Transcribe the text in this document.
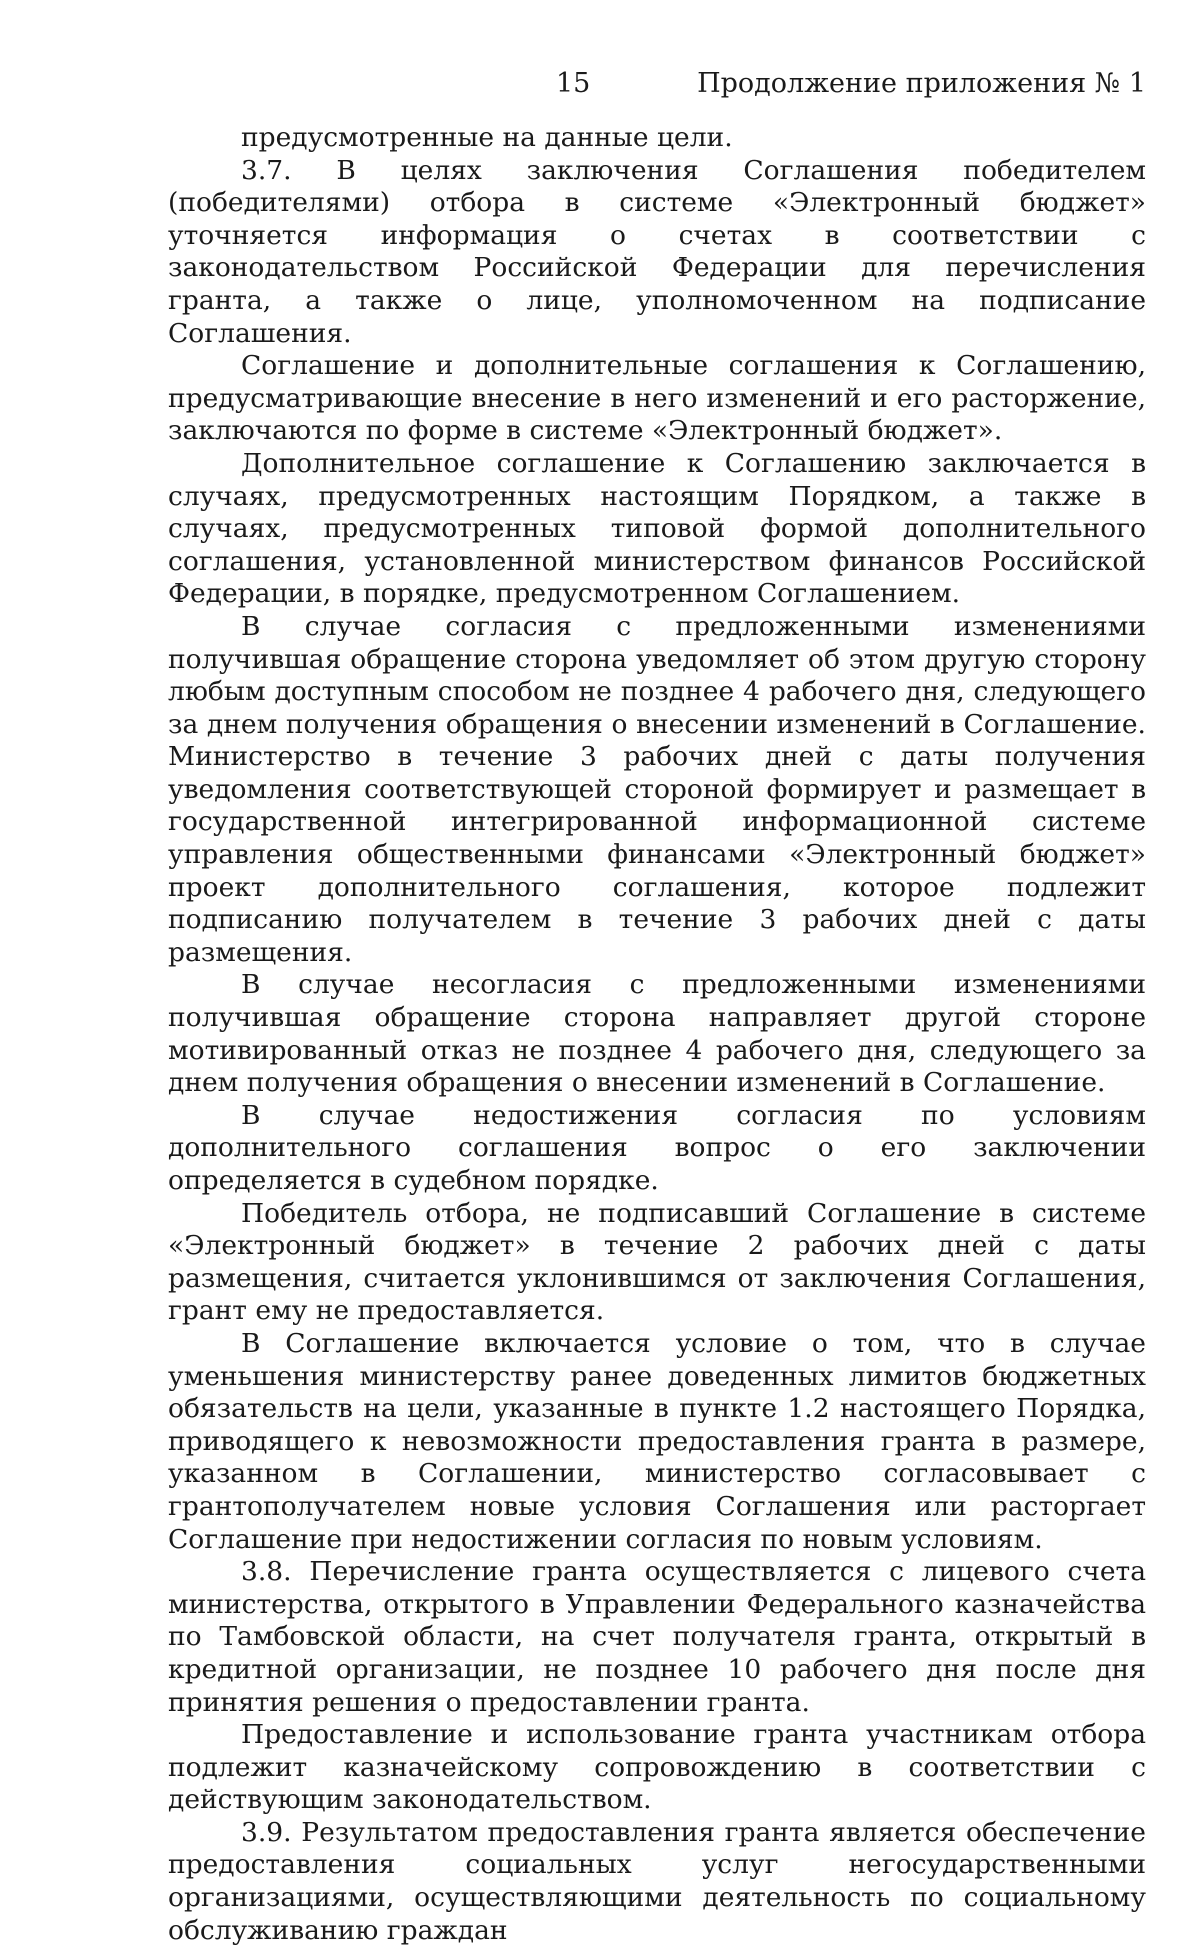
15	Продолжение приложения № 1

предусмотренные на данные цели.

3.7. В целях заключения Соглашения победителем (победителями) отбора в системе «Электронный бюджет» уточняется информация о счетах в соответствии с законодательством Российской Федерации для перечисления гранта, а также о лице, уполномоченном на подписание Соглашения.

Соглашение и дополнительные соглашения к Соглашению, предусматривающие внесение в него изменений и его расторжение, заключаются по форме в системе «Электронный бюджет».

Дополнительное соглашение к Соглашению заключается в случаях, предусмотренных настоящим Порядком, а также в случаях, предусмотренных типовой формой дополнительного соглашения, установленной министерством финансов Российской Федерации, в порядке, предусмотренном Соглашением.

В случае согласия с предложенными изменениями получившая обращение сторона уведомляет об этом другую сторону любым доступным способом не позднее 4 рабочего дня, следующего за днем получения обращения о внесении изменений в Соглашение. Министерство в течение 3 рабочих дней с даты получения уведомления соответствующей стороной формирует и размещает в государственной интегрированной информационной системе управления общественными финансами «Электронный бюджет» проект дополнительного соглашения, которое подлежит подписанию получателем в течение 3 рабочих дней с даты размещения.

В случае несогласия с предложенными изменениями получившая обращение сторона направляет другой стороне мотивированный отказ не позднее 4 рабочего дня, следующего за днем получения обращения о внесении изменений в Соглашение.

В случае недостижения согласия по условиям дополнительного соглашения вопрос о его заключении определяется в судебном порядке.

Победитель отбора, не подписавший Соглашение в системе «Электронный бюджет» в течение 2 рабочих дней с даты размещения, считается уклонившимся от заключения Соглашения, грант ему не предоставляется.

В Соглашение включается условие о том, что в случае уменьшения министерству ранее доведенных лимитов бюджетных обязательств на цели, указанные в пункте 1.2 настоящего Порядка, приводящего к невозможности предоставления гранта в размере, указанном в Соглашении, министерство согласовывает с грантополучателем новые условия Соглашения или расторгает Соглашение при недостижении согласия по новым условиям.

3.8. Перечисление гранта осуществляется с лицевого счета министерства, открытого в Управлении Федерального казначейства по Тамбовской области, на счет получателя гранта, открытый в кредитной организации, не позднее 10 рабочего дня после дня принятия решения о предоставлении гранта.

Предоставление и использование гранта участникам отбора подлежит казначейскому сопровождению в соответствии с действующим законодательством.

3.9. Результатом предоставления гранта является обеспечение предоставления социальных услуг негосударственными организациями, осуществляющими деятельность по социальному обслуживанию граждан
